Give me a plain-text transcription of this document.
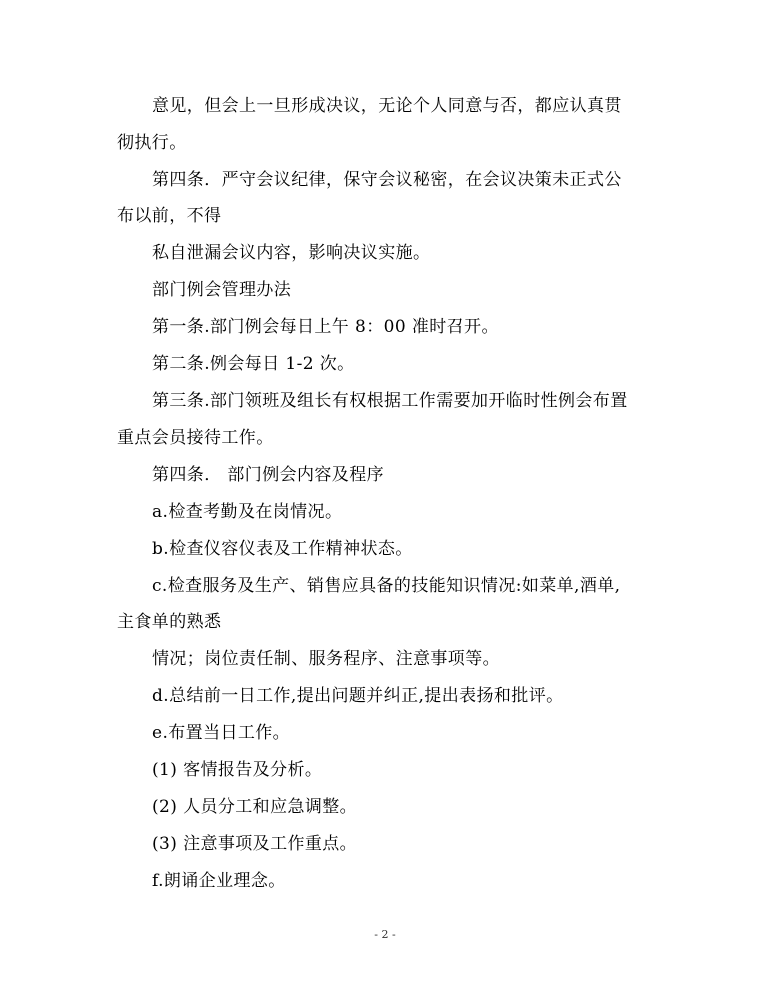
意见，但会上一旦形成决议，无论个人同意与否，都应认真贯
彻执行。
第四条．严守会议纪律，保守会议秘密，在会议决策未正式公
布以前，不得
私自泄漏会议内容，影响决议实施。
部门例会管理办法
第一条.部门例会每日上午 8：00 准时召开。
第二条.例会每日 1-2 次。
第三条.部门领班及组长有权根据工作需要加开临时性例会布置
重点会员接待工作。
第四条． 部门例会内容及程序
a.检查考勤及在岗情况。
b.检查仪容仪表及工作精神状态。
c.检查服务及生产、销售应具备的技能知识情况:如菜单,酒单,
主食单的熟悉
情况；岗位责任制、服务程序、注意事项等。
d.总结前一日工作,提出问题并纠正,提出表扬和批评。
e.布置当日工作。
(1) 客情报告及分析。
(2) 人员分工和应急调整。
(3) 注意事项及工作重点。
f.朗诵企业理念。
- 2 -
